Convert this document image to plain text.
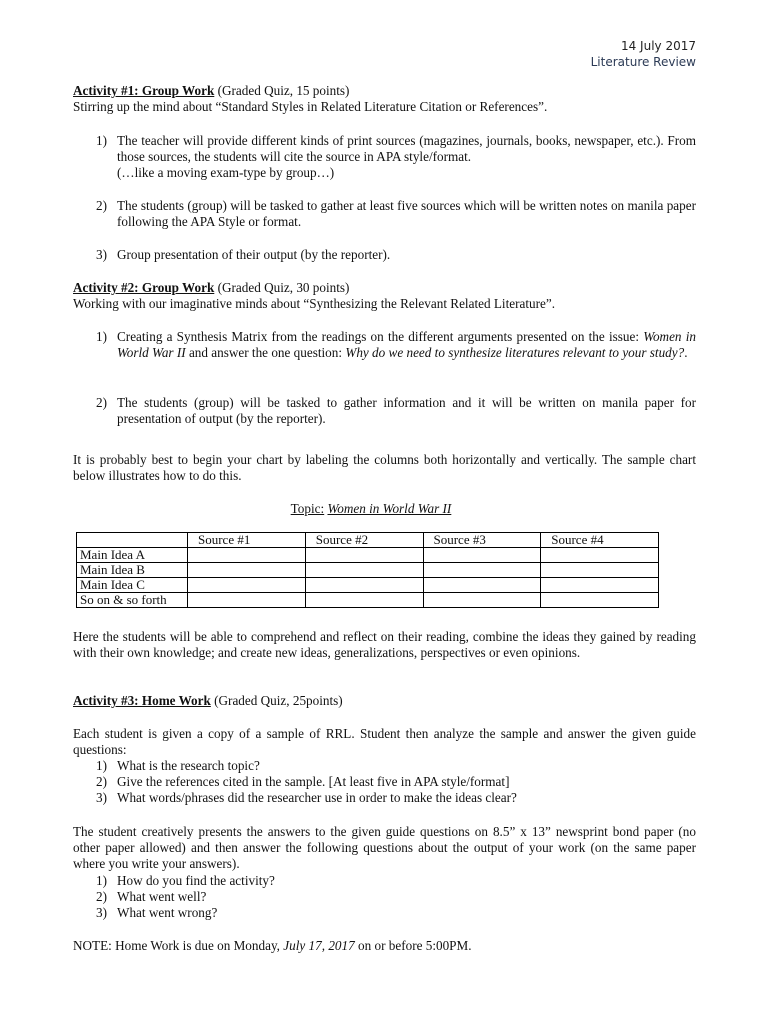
14 July 2017
Literature Review
Activity #1: Group Work (Graded Quiz, 15 points)
Stirring up the mind about “Standard Styles in Related Literature Citation or References”.
1) The teacher will provide different kinds of print sources (magazines, journals, books, newspaper, etc.). From those sources, the students will cite the source in APA style/format.
(…like a moving exam-type by group…)
2) The students (group) will be tasked to gather at least five sources which will be written notes on manila paper following the APA Style or format.
3) Group presentation of their output (by the reporter).
Activity #2: Group Work (Graded Quiz, 30 points)
Working with our imaginative minds about “Synthesizing the Relevant Related Literature”.
1) Creating a Synthesis Matrix from the readings on the different arguments presented on the issue: Women in World War II and answer the one question: Why do we need to synthesize literatures relevant to your study?.
2) The students (group) will be tasked to gather information and it will be written on manila paper for presentation of output (by the reporter).
It is probably best to begin your chart by labeling the columns both horizontally and vertically. The sample chart below illustrates how to do this.
Topic: Women in World War II
	Source #1	Source #2	Source #3	Source #4
Main Idea A				
Main Idea B				
Main Idea C				
So on & so forth				
Here the students will be able to comprehend and reflect on their reading, combine the ideas they gained by reading with their own knowledge; and create new ideas, generalizations, perspectives or even opinions.
Activity #3: Home Work (Graded Quiz, 25points)
Each student is given a copy of a sample of RRL. Student then analyze the sample and answer the given guide questions:
1) What is the research topic?
2) Give the references cited in the sample. [At least five in APA style/format]
3) What words/phrases did the researcher use in order to make the ideas clear?
The student creatively presents the answers to the given guide questions on 8.5” x 13” newsprint bond paper (no other paper allowed) and then answer the following questions about the output of your work (on the same paper where you write your answers).
1) How do you find the activity?
2) What went well?
3) What went wrong?
NOTE: Home Work is due on Monday, July 17, 2017 on or before 5:00PM.
